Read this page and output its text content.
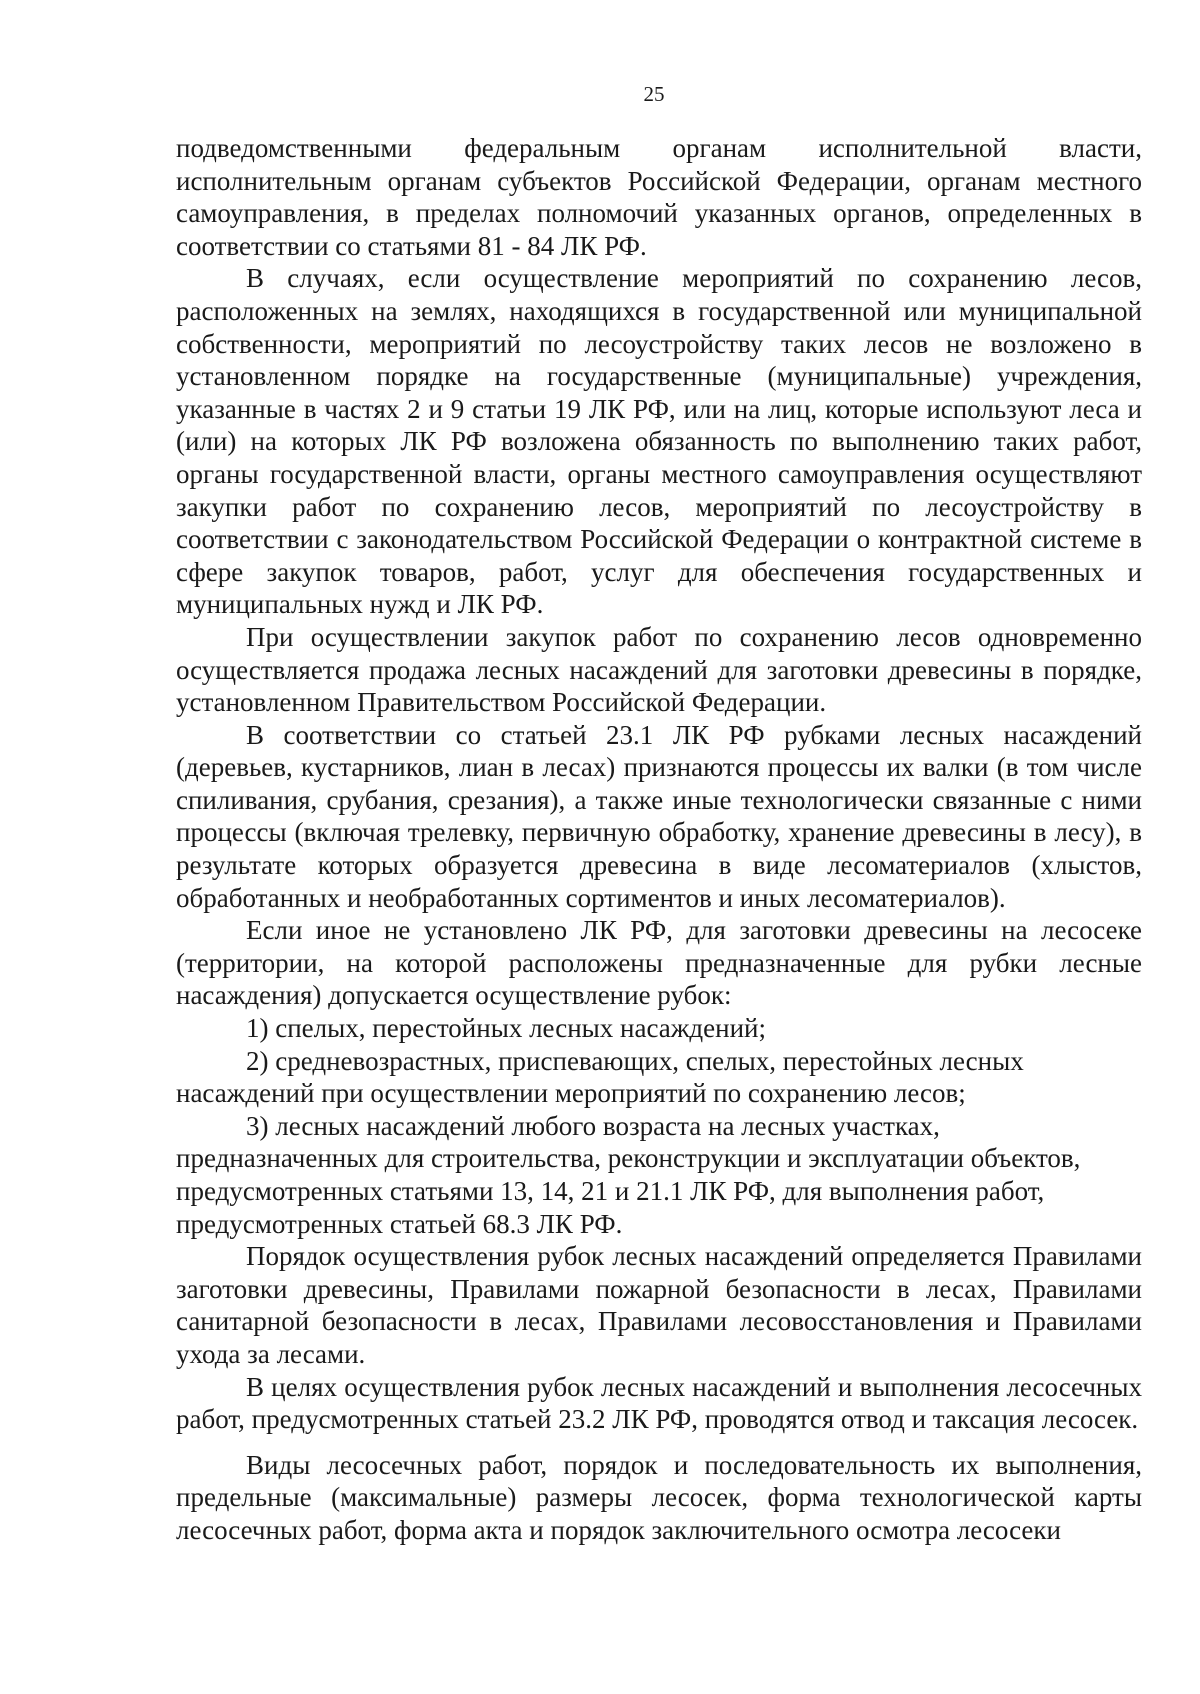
25

подведомственными федеральным органам исполнительной власти, исполнительным органам субъектов Российской Федерации, органам местного самоуправления, в пределах полномочий указанных органов, определенных в соответствии со статьями 81 - 84 ЛК РФ.

В случаях, если осуществление мероприятий по сохранению лесов, расположенных на землях, находящихся в государственной или муниципальной собственности, мероприятий по лесоустройству таких лесов не возложено в установленном порядке на государственные (муниципальные) учреждения, указанные в частях 2 и 9 статьи 19 ЛК РФ, или на лиц, которые используют леса и (или) на которых ЛК РФ возложена обязанность по выполнению таких работ, органы государственной власти, органы местного самоуправления осуществляют закупки работ по сохранению лесов, мероприятий по лесоустройству в соответствии с законодательством Российской Федерации о контрактной системе в сфере закупок товаров, работ, услуг для обеспечения государственных и муниципальных нужд и ЛК РФ.

При осуществлении закупок работ по сохранению лесов одновременно осуществляется продажа лесных насаждений для заготовки древесины в порядке, установленном Правительством Российской Федерации.

В соответствии со статьей 23.1 ЛК РФ рубками лесных насаждений (деревьев, кустарников, лиан в лесах) признаются процессы их валки (в том числе спиливания, срубания, срезания), а также иные технологически связанные с ними процессы (включая трелевку, первичную обработку, хранение древесины в лесу), в результате которых образуется древесина в виде лесоматериалов (хлыстов, обработанных и необработанных сортиментов и иных лесоматериалов).

Если иное не установлено ЛК РФ, для заготовки древесины на лесосеке (территории, на которой расположены предназначенные для рубки лесные насаждения) допускается осуществление рубок:

1) спелых, перестойных лесных насаждений;

2) средневозрастных, приспевающих, спелых, перестойных лесных насаждений при осуществлении мероприятий по сохранению лесов;

3) лесных насаждений любого возраста на лесных участках, предназначенных для строительства, реконструкции и эксплуатации объектов, предусмотренных статьями 13, 14, 21 и 21.1 ЛК РФ, для выполнения работ, предусмотренных статьей 68.3 ЛК РФ.

Порядок осуществления рубок лесных насаждений определяется Правилами заготовки древесины, Правилами пожарной безопасности в лесах, Правилами санитарной безопасности в лесах, Правилами лесовосстановления и Правилами ухода за лесами.

В целях осуществления рубок лесных насаждений и выполнения лесосечных работ, предусмотренных статьей 23.2 ЛК РФ, проводятся отвод и таксация лесосек.

Виды лесосечных работ, порядок и последовательность их выполнения, предельные (максимальные) размеры лесосек, форма технологической карты лесосечных работ, форма акта и порядок заключительного осмотра лесосеки
